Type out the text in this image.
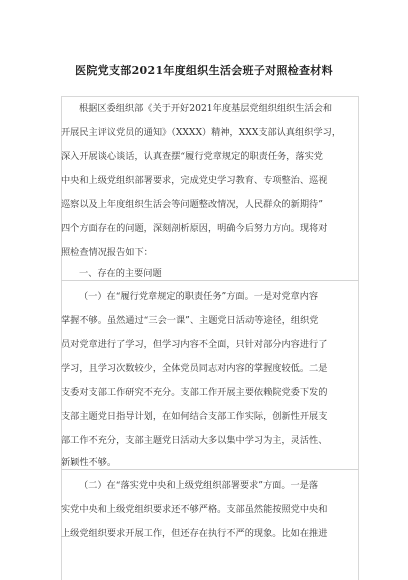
医院党支部2021年度组织生活会班子对照检查材料
根据区委组织部《关于开好2021年度基层党组织组织生活会和
开展民主评议党员的通知》（XXXX）精神，XXX支部认真组织学习，
深入开展谈心谈话，认真查摆“履行党章规定的职责任务，落实党
中央和上级党组织部署要求，完成党史学习教育、专项整治、巡视
巡察以及上年度组织生活会等问题整改情况，人民群众的新期待”
四个方面存在的问题，深刻剖析原因，明确今后努力方向。现将对
照检查情况报告如下：
一、存在的主要问题
（一）在“履行党章规定的职责任务”方面。一是对党章内容
掌握不够。虽然通过“三会一课”、主题党日活动等途径，组织党
员对党章进行了学习，但学习内容不全面，只针对部分内容进行了
学习，且学习次数较少，全体党员同志对内容的掌握度较低。二是
支委对支部工作研究不充分。支部工作开展主要依赖院党委下发的
支部主题党日指导计划，在如何结合支部工作实际，创新性开展支
部工作不充分，支部主题党日活动大多以集中学习为主，灵活性、
新颖性不够。
（二）在“落实党中央和上级党组织部署要求”方面。一是落
实党中央和上级党组织要求还不够严格。支部虽然能按照党中央和
上级党组织要求开展工作，但还存在执行不严的现象。比如在推进
